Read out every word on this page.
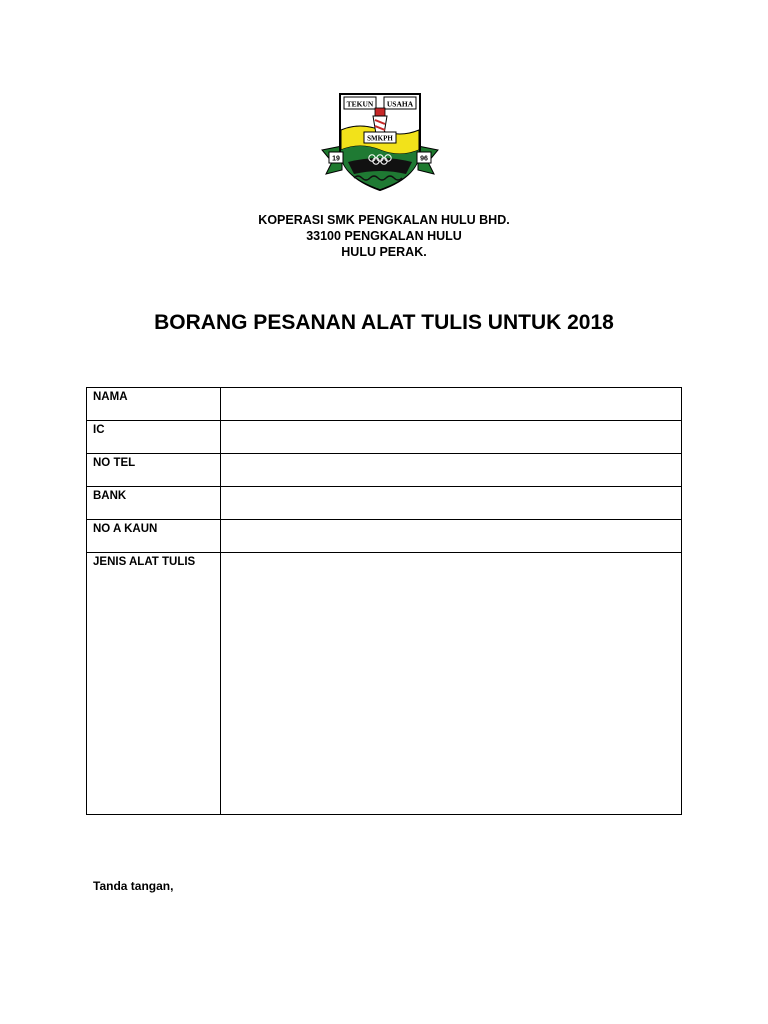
TEKUN USAHA
SMKPH
19	96
KOPERASI SMK PENGKALAN HULU BHD.
33100 PENGKALAN HULU
HULU PERAK.
BORANG PESANAN ALAT TULIS UNTUK 2018
NAMA	
IC	
NO TEL	
BANK	
NO A KAUN	
JENIS ALAT TULIS	
Tanda tangan,
